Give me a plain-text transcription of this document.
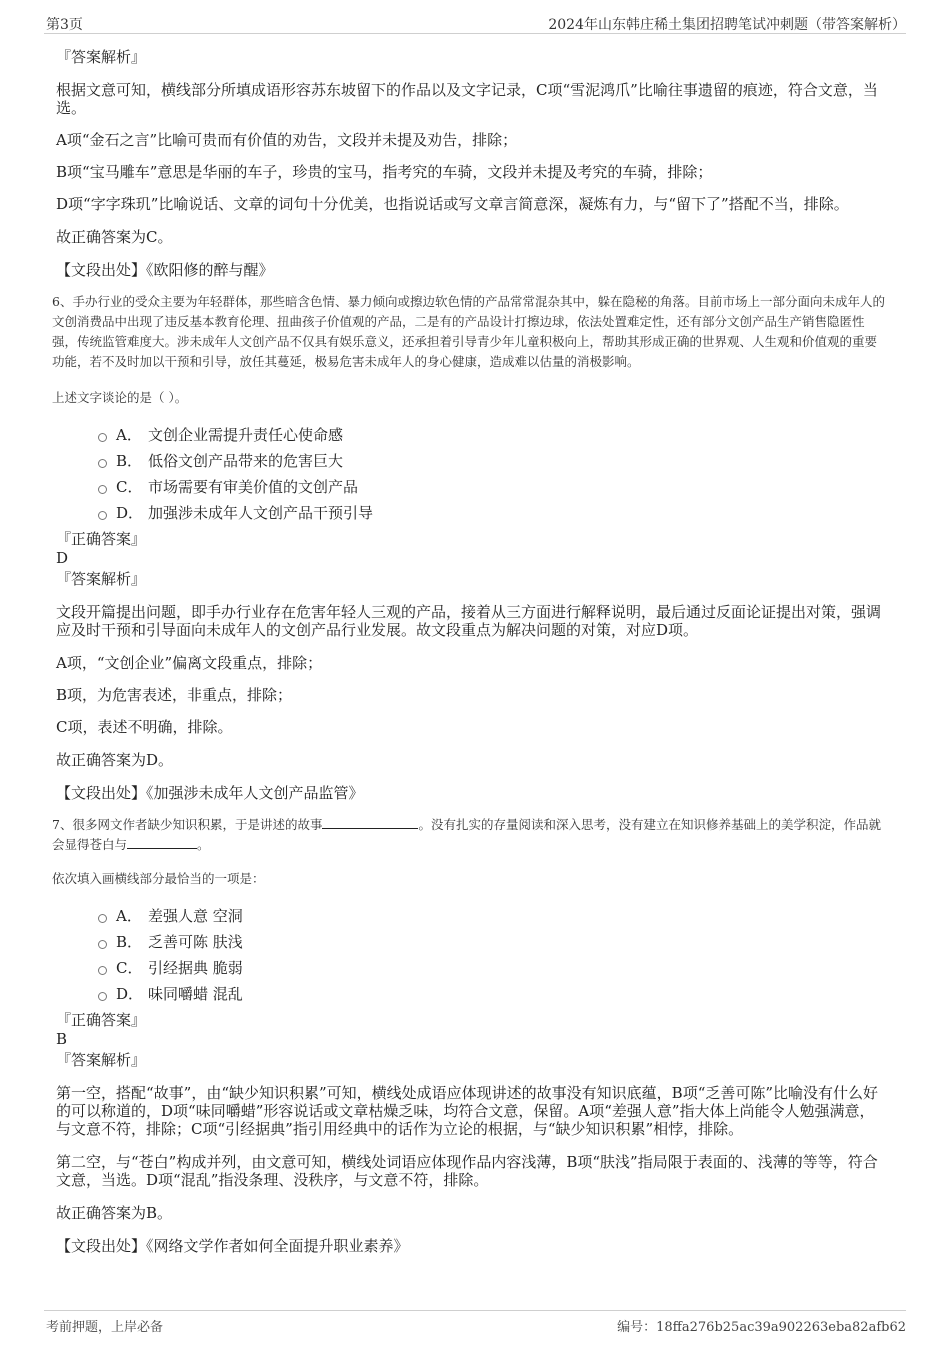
第3页	2024年山东韩庄稀土集团招聘笔试冲刺题（带答案解析）

『答案解析』

根据文意可知，横线部分所填成语形容苏东坡留下的作品以及文字记录，C项“雪泥鸿爪”比喻往事遗留的痕迹，符合文意，当选。

A项“金石之言”比喻可贵而有价值的劝告，文段并未提及劝告，排除；

B项“宝马雕车”意思是华丽的车子，珍贵的宝马，指考究的车骑，文段并未提及考究的车骑，排除；

D项“字字珠玑”比喻说话、文章的词句十分优美，也指说话或写文章言简意深，凝炼有力，与“留下了”搭配不当，排除。

故正确答案为C。

【文段出处】《欧阳修的醉与醒》

6、手办行业的受众主要为年轻群体，那些暗含色情、暴力倾向或擦边软色情的产品常常混杂其中，躲在隐秘的角落。目前市场上一部分面向未成年人的文创消费品中出现了违反基本教育伦理、扭曲孩子价值观的产品，二是有的产品设计打擦边球，依法处置难定性，还有部分文创产品生产销售隐匿性强，传统监管难度大。涉未成年人文创产品不仅具有娱乐意义，还承担着引导青少年儿童积极向上，帮助其形成正确的世界观、人生观和价值观的重要功能，若不及时加以干预和引导，放任其蔓延，极易危害未成年人的身心健康，造成难以估量的消极影响。

上述文字谈论的是（ ）。

A． 文创企业需提升责任心使命感
B． 低俗文创产品带来的危害巨大
C． 市场需要有审美价值的文创产品
D． 加强涉未成年人文创产品干预引导

『正确答案』

D

『答案解析』

文段开篇提出问题，即手办行业存在危害年轻人三观的产品，接着从三方面进行解释说明，最后通过反面论证提出对策，强调应及时干预和引导面向未成年人的文创产品行业发展。故文段重点为解决问题的对策，对应D项。

A项，“文创企业”偏离文段重点，排除；

B项，为危害表述，非重点，排除；

C项，表述不明确，排除。

故正确答案为D。

【文段出处】《加强涉未成年人文创产品监管》

7、很多网文作者缺少知识积累，于是讲述的故事	。没有扎实的存量阅读和深入思考，没有建立在知识修养基础上的美学积淀，作品就会显得苍白与	。

依次填入画横线部分最恰当的一项是：

A． 差强人意 空洞
B． 乏善可陈 肤浅
C． 引经据典 脆弱
D． 味同嚼蜡 混乱

『正确答案』

B

『答案解析』

第一空，搭配“故事”，由“缺少知识积累”可知，横线处成语应体现讲述的故事没有知识底蕴，B项“乏善可陈”比喻没有什么好的可以称道的，D项“味同嚼蜡”形容说话或文章枯燥乏味，均符合文意，保留。A项“差强人意”指大体上尚能令人勉强满意，与文意不符，排除；C项“引经据典”指引用经典中的话作为立论的根据，与“缺少知识积累”相悖，排除。

第二空，与“苍白”构成并列，由文意可知，横线处词语应体现作品内容浅薄，B项“肤浅”指局限于表面的、浅薄的等等，符合文意，当选。D项“混乱”指没条理、没秩序，与文意不符，排除。

故正确答案为B。

【文段出处】《网络文学作者如何全面提升职业素养》

考前押题，上岸必备	编号：18ffa276b25ac39a902263eba82afb62
